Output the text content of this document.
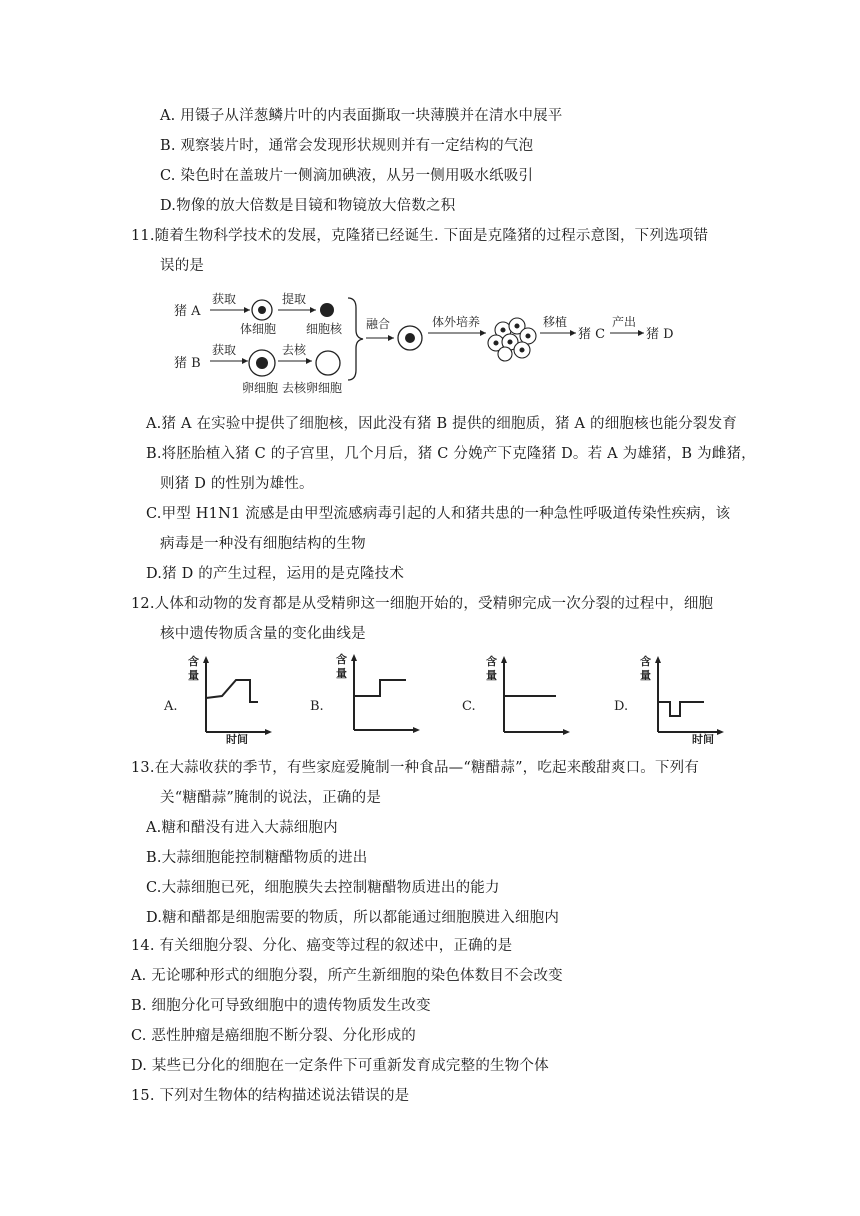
A. 用镊子从洋葱鳞片叶的内表面撕取一块薄膜并在清水中展平
B. 观察装片时，通常会发现形状规则并有一定结构的气泡
C. 染色时在盖玻片一侧滴加碘液，从另一侧用吸水纸吸引
D.物像的放大倍数是目镜和物镜放大倍数之积
11.随着生物科学技术的发展，克隆猪已经诞生. 下面是克隆猪的过程示意图，下列选项错
误的是
A.猪 A 在实验中提供了细胞核，因此没有猪 B 提供的细胞质，猪 A 的细胞核也能分裂发育
B.将胚胎植入猪 C 的子宫里，几个月后，猪 C 分娩产下克隆猪 D。若 A 为雄猪，B 为雌猪，
则猪 D 的性别为雄性。
C.甲型 H1N1 流感是由甲型流感病毒引起的人和猪共患的一种急性呼吸道传染性疾病，该
病毒是一种没有细胞结构的生物
D.猪 D 的产生过程，运用的是克隆技术
12.人体和动物的发育都是从受精卵这一细胞开始的，受精卵完成一次分裂的过程中，细胞
核中遗传物质含量的变化曲线是
13.在大蒜收获的季节，有些家庭爱腌制一种食品—“糖醋蒜”，吃起来酸甜爽口。下列有
关“糖醋蒜”腌制的说法，正确的是
A.糖和醋没有进入大蒜细胞内
B.大蒜细胞能控制糖醋物质的进出
C.大蒜细胞已死，细胞膜失去控制糖醋物质进出的能力
D.糖和醋都是细胞需要的物质，所以都能通过细胞膜进入细胞内
14. 有关细胞分裂、分化、癌变等过程的叙述中，正确的是
A. 无论哪种形式的细胞分裂，所产生新细胞的染色体数目不会改变
B. 细胞分化可导致细胞中的遗传物质发生改变
C. 恶性肿瘤是癌细胞不断分裂、分化形成的
D. 某些已分化的细胞在一定条件下可重新发育成完整的生物个体
15. 下列对生物体的结构描述说法错误的是
猪 A
获取
体细胞
提取
细胞核
猪 B
获取
卵细胞
去核
去核卵细胞
融合	体外培养	移植
猪 C
产出
猪 D
A.
含
量
时间
B.
含
量
C.
含
量
D.
含
量
时间
